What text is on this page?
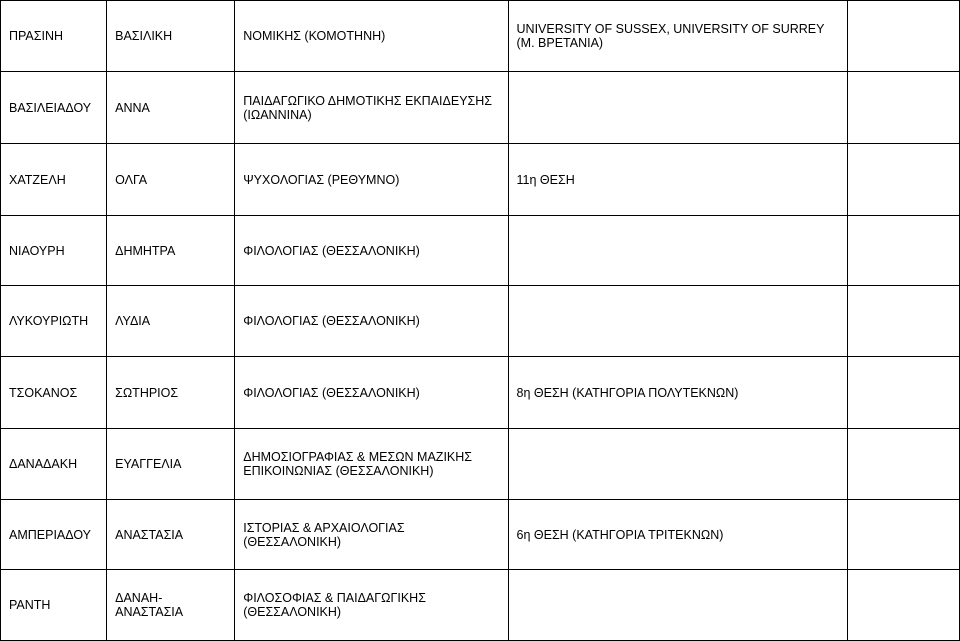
ΠΡΑΣΙΝΗ	ΒΑΣΙΛΙΚΗ	ΝΟΜΙΚΗΣ (ΚΟΜΟΤΗΝΗ)	UNIVERSITY OF SUSSEX, UNIVERSITY OF SURREY (Μ. ΒΡΕΤΑΝΙΑ)	
ΒΑΣΙΛΕΙΑΔΟΥ	ΑΝΝΑ	ΠΑΙΔΑΓΩΓΙΚΟ ΔΗΜΟΤΙΚΗΣ ΕΚΠΑΙΔΕΥΣΗΣ (ΙΩΑΝΝΙΝΑ)		
ΧΑΤΖΕΛΗ	ΟΛΓΑ	ΨΥΧΟΛΟΓΙΑΣ (ΡΕΘΥΜΝΟ)	11η ΘΕΣΗ	
ΝΙΑΟΥΡΗ	ΔΗΜΗΤΡΑ	ΦΙΛΟΛΟΓΙΑΣ (ΘΕΣΣΑΛΟΝΙΚΗ)		
ΛΥΚΟΥΡΙΩΤΗ	ΛΥΔΙΑ	ΦΙΛΟΛΟΓΙΑΣ (ΘΕΣΣΑΛΟΝΙΚΗ)		
ΤΣΟΚΑΝΟΣ	ΣΩΤΗΡΙΟΣ	ΦΙΛΟΛΟΓΙΑΣ (ΘΕΣΣΑΛΟΝΙΚΗ)	8η ΘΕΣΗ (ΚΑΤΗΓΟΡΙΑ ΠΟΛΥΤΕΚΝΩΝ)	
ΔΑΝΑΔΑΚΗ	ΕΥΑΓΓΕΛΙΑ	ΔΗΜΟΣΙΟΓΡΑΦΙΑΣ & ΜΕΣΩΝ ΜΑΖΙΚΗΣ ΕΠΙΚΟΙΝΩΝΙΑΣ (ΘΕΣΣΑΛΟΝΙΚΗ)		
ΑΜΠΕΡΙΑΔΟΥ	ΑΝΑΣΤΑΣΙΑ	ΙΣΤΟΡΙΑΣ & ΑΡΧΑΙΟΛΟΓΙΑΣ (ΘΕΣΣΑΛΟΝΙΚΗ)	6η ΘΕΣΗ (ΚΑΤΗΓΟΡΙΑ ΤΡΙΤΕΚΝΩΝ)	
ΡΑΝΤΗ	ΔΑΝΑΗ-ΑΝΑΣΤΑΣΙΑ	ΦΙΛΟΣΟΦΙΑΣ & ΠΑΙΔΑΓΩΓΙΚΗΣ (ΘΕΣΣΑΛΟΝΙΚΗ)		
